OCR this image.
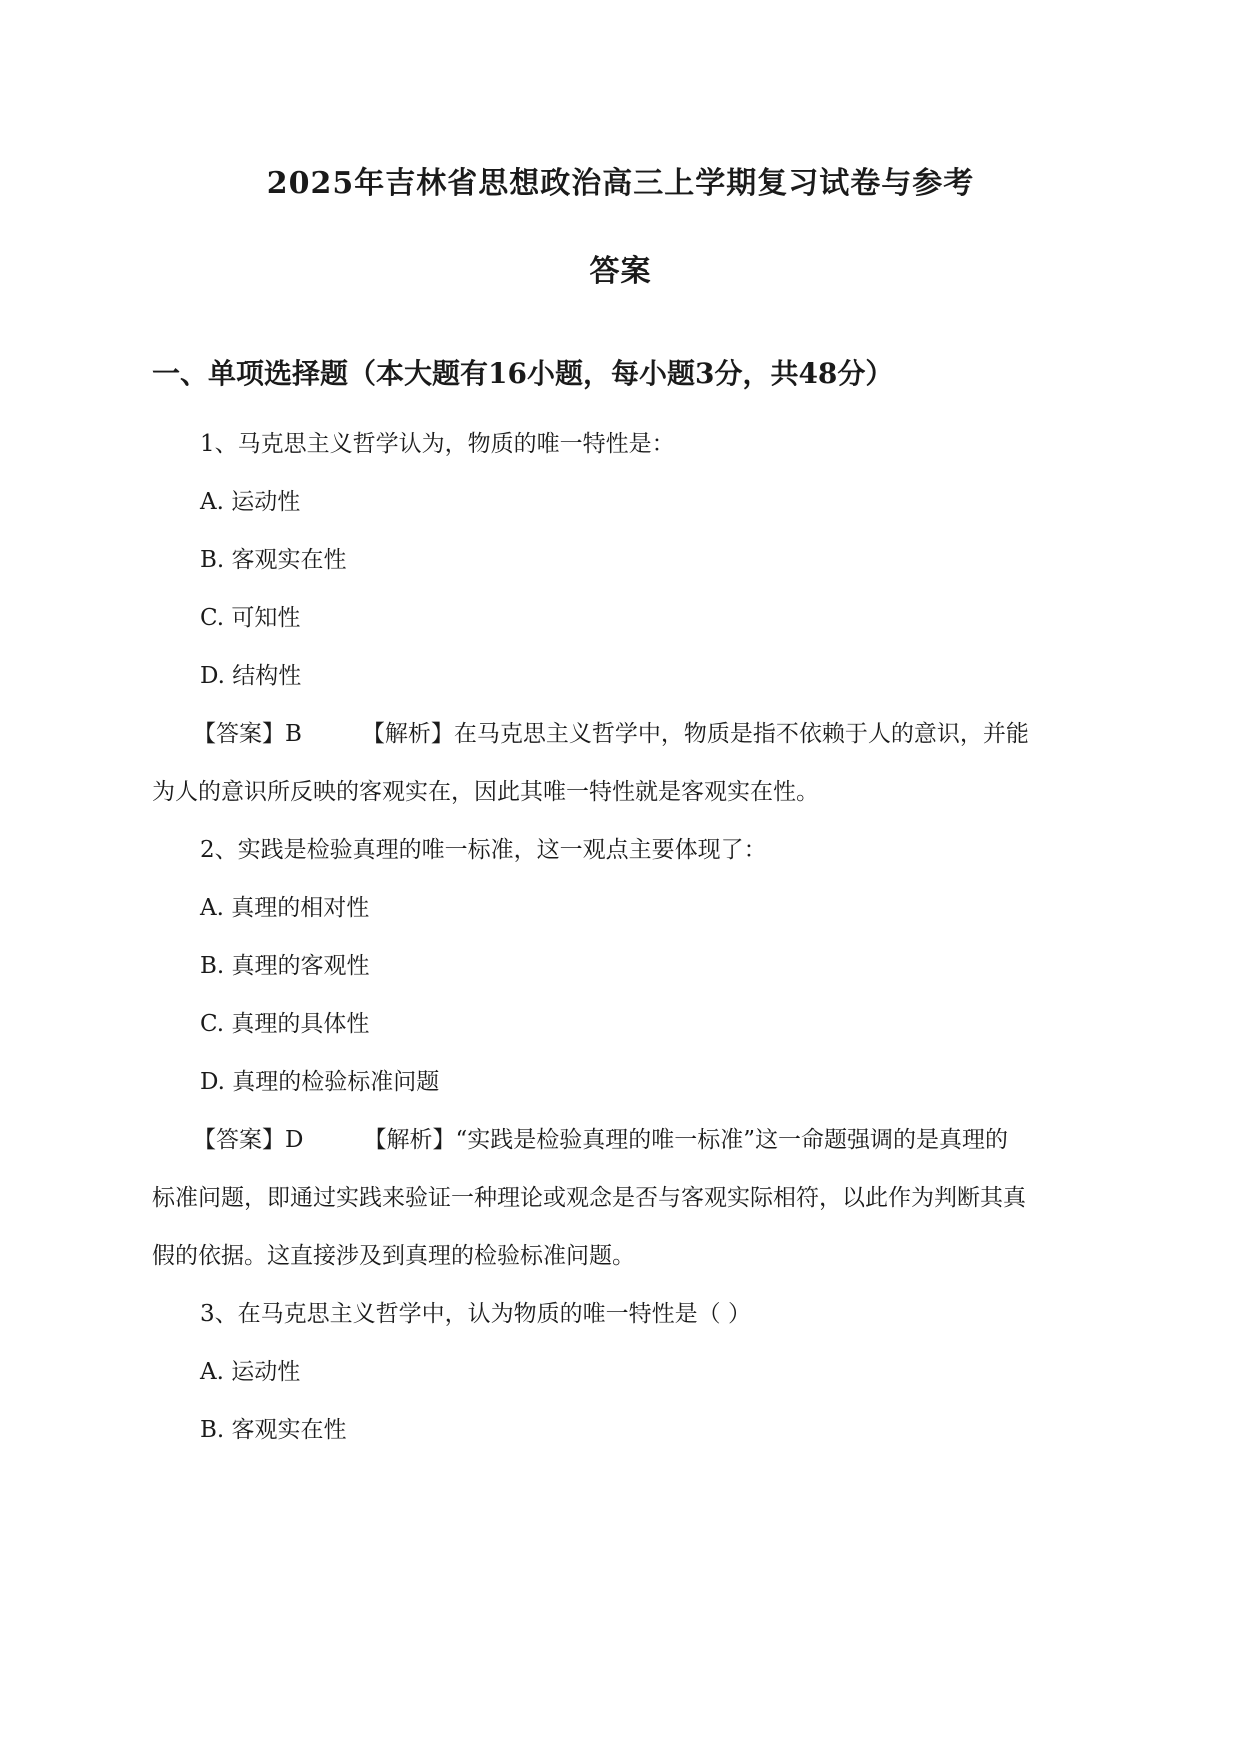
2025年吉林省思想政治高三上学期复习试卷与参考
答案
一、单项选择题（本大题有16小题，每小题3分，共48分）
1、马克思主义哲学认为，物质的唯一特性是：
A. 运动性
B. 客观实在性
C. 可知性
D. 结构性
【答案】B	【解析】在马克思主义哲学中，物质是指不依赖于人的意识，并能
为人的意识所反映的客观实在，因此其唯一特性就是客观实在性。
2、实践是检验真理的唯一标准，这一观点主要体现了：
A. 真理的相对性
B. 真理的客观性
C. 真理的具体性
D. 真理的检验标准问题
【答案】D	【解析】“实践是检验真理的唯一标准”这一命题强调的是真理的
标准问题，即通过实践来验证一种理论或观念是否与客观实际相符，以此作为判断其真
假的依据。这直接涉及到真理的检验标准问题。
3、在马克思主义哲学中，认为物质的唯一特性是（ ）
A. 运动性
B. 客观实在性
